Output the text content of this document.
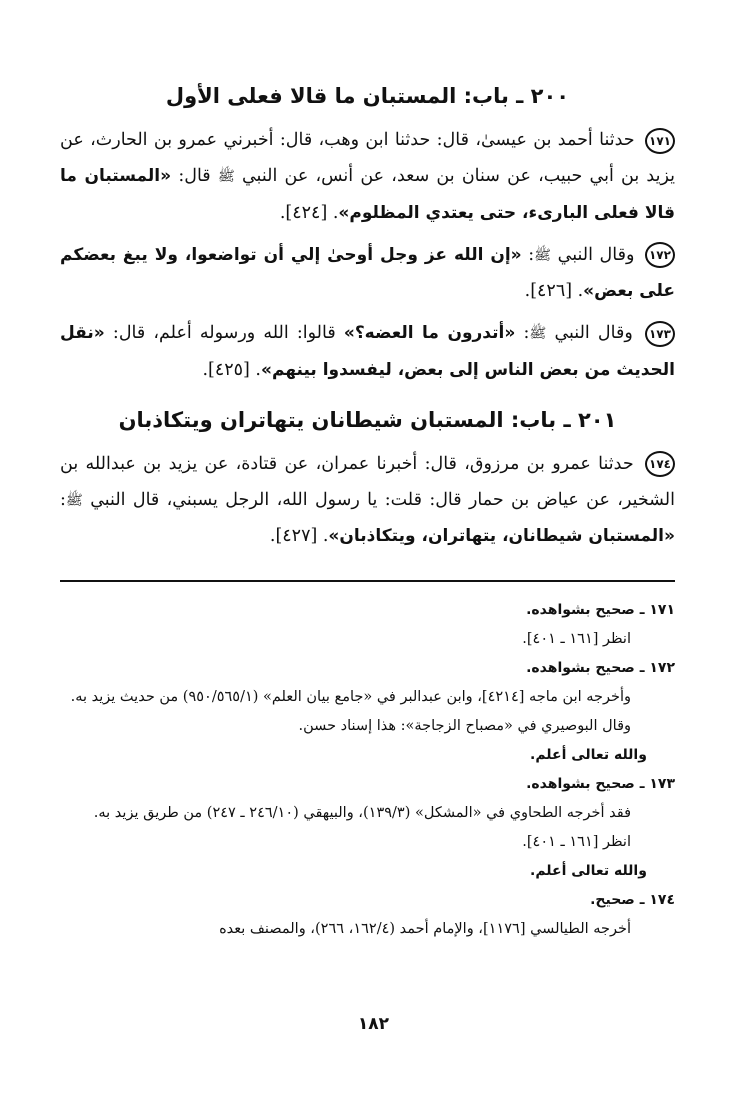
٢٠٠ ـ باب: المستبان ما قالا فعلى الأول

١٧١ حدثنا أحمد بن عيسىٰ، قال: حدثنا ابن وهب، قال: أخبرني عمرو بن الحارث، عن يزيد بن أبي حبيب، عن سنان بن سعد، عن أنس، عن النبي ﷺ قال: «المستبان ما قالا فعلى البارىء، حتى يعتدي المظلوم». [٤٢٤].

١٧٢ وقال النبي ﷺ: «إن الله عز وجل أوحىٰ إلي أن تواضعوا، ولا يبغ بعضكم على بعض». [٤٢٦].

١٧٣ وقال النبي ﷺ: «أتدرون ما العضه؟» قالوا: الله ورسوله أعلم، قال: «نقل الحديث من بعض الناس إلى بعض، ليفسدوا بينهم». [٤٢٥].

٢٠١ ـ باب: المستبان شيطانان يتهاتران ويتكاذبان

١٧٤ حدثنا عمرو بن مرزوق، قال: أخبرنا عمران، عن قتادة، عن يزيد بن عبدالله بن الشخير، عن عياض بن حمار قال: قلت: يا رسول الله، الرجل يسبني، قال النبي ﷺ: «المستبان شيطانان، يتهاتران، ويتكاذبان». [٤٢٧].

١٧١ ـ صحيح بشواهده.
انظر [١٦١ ـ ٤٠١].
١٧٢ ـ صحيح بشواهده.
وأخرجه ابن ماجه [٤٢١٤]، وابن عبدالبر في «جامع بيان العلم» (٩٥٠/٥٦٥/١) من حديث يزيد به.
وقال البوصيري في «مصباح الزجاجة»: هذا إسناد حسن.
والله تعالى أعلم.
١٧٣ ـ صحيح بشواهده.
فقد أخرجه الطحاوي في «المشكل» (١٣٩/٣)، والبيهقي (٢٤٦/١٠ ـ ٢٤٧) من طريق يزيد به.
انظر [١٦١ ـ ٤٠١].
والله تعالى أعلم.
١٧٤ ـ صحيح.
أخرجه الطيالسي [١١٧٦]، والإمام أحمد (١٦٢/٤، ٢٦٦)، والمصنف بعده
١٨٢
